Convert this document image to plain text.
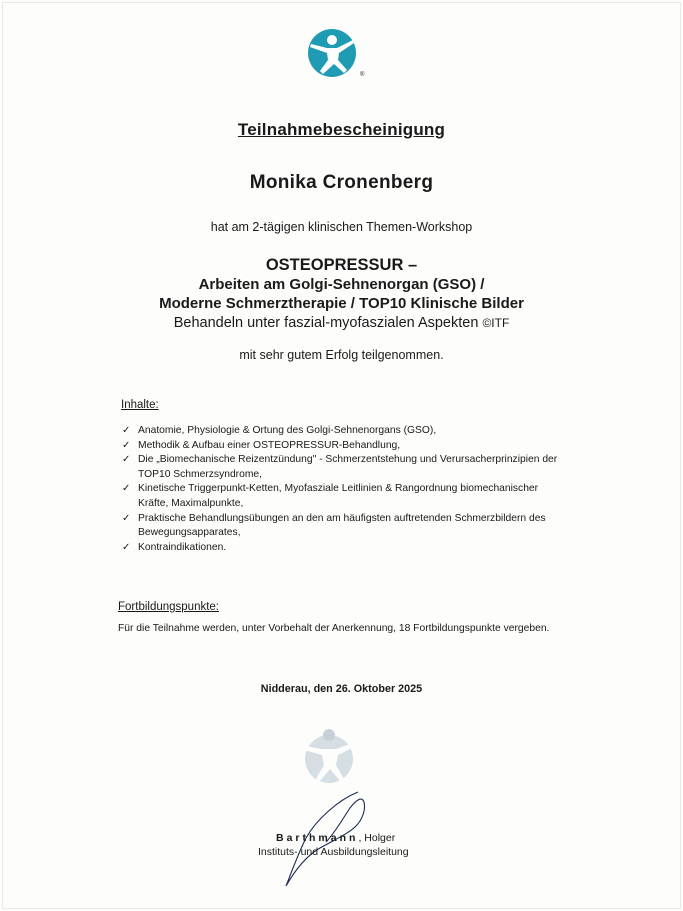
®
Teilnahmebescheinigung
Monika Cronenberg
hat am 2-tägigen klinischen Themen-Workshop
OSTEOPRESSUR –
Arbeiten am Golgi-Sehnenorgan (GSO) /
Moderne Schmerztherapie / TOP10 Klinische Bilder
Behandeln unter faszial-myofaszialen Aspekten ©ITF
mit sehr gutem Erfolg teilgenommen.
Inhalte:
✓ Anatomie, Physiologie & Ortung des Golgi-Sehnenorgans (GSO),
✓ Methodik & Aufbau einer OSTEOPRESSUR-Behandlung,
✓ Die „Biomechanische Reizentzündung" - Schmerzentstehung und Verursacherprinzipien der
TOP10 Schmerzsyndrome,
✓ Kinetische Triggerpunkt-Ketten, Myofasziale Leitlinien & Rangordnung biomechanischer
Kräfte, Maximalpunkte,
✓ Praktische Behandlungsübungen an den am häufigsten auftretenden Schmerzbildern des
Bewegungsapparates,
✓ Kontraindikationen.
Fortbildungspunkte:
Für die Teilnahme werden, unter Vorbehalt der Anerkennung, 18 Fortbildungspunkte vergeben.
Nidderau, den 26. Oktober 2025
Barthmann, Holger
Instituts- und Ausbildungsleitung
